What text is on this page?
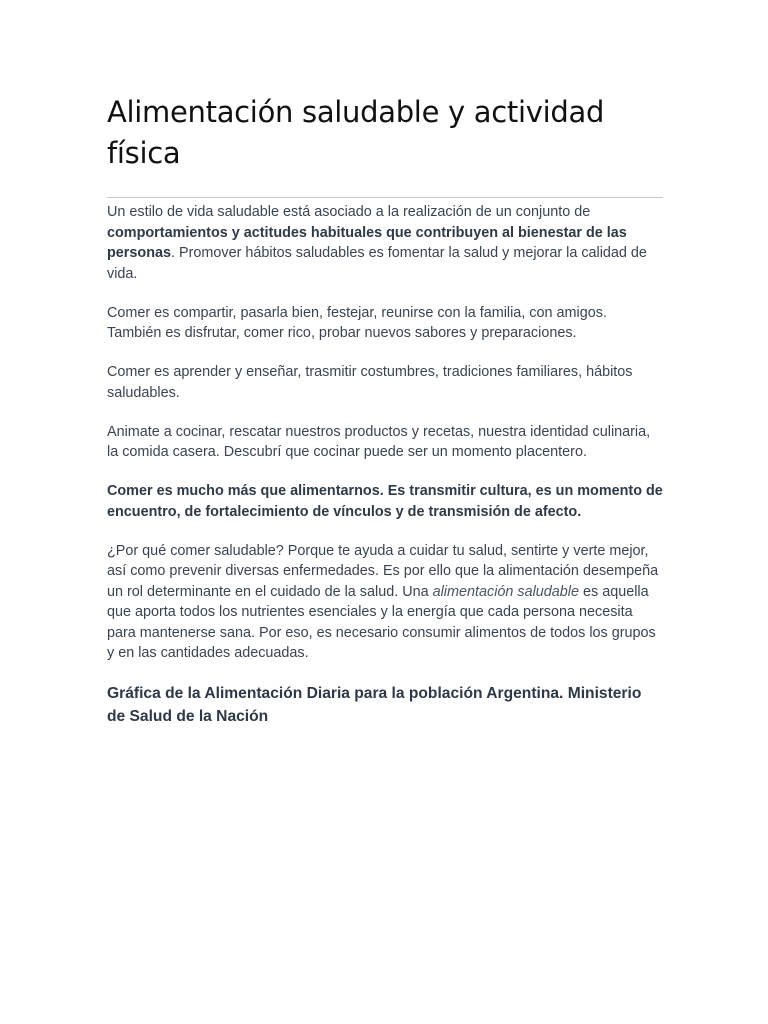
Alimentación saludable y actividad física

Un estilo de vida saludable está asociado a la realización de un conjunto de comportamientos y actitudes habituales que contribuyen al bienestar de las personas. Promover hábitos saludables es fomentar la salud y mejorar la calidad de vida.

Comer es compartir, pasarla bien, festejar, reunirse con la familia, con amigos. También es disfrutar, comer rico, probar nuevos sabores y preparaciones.

Comer es aprender y enseñar, trasmitir costumbres, tradiciones familiares, hábitos saludables.

Animate a cocinar, rescatar nuestros productos y recetas, nuestra identidad culinaria, la comida casera. Descubrí que cocinar puede ser un momento placentero.

Comer es mucho más que alimentarnos. Es transmitir cultura, es un momento de encuentro, de fortalecimiento de vínculos y de transmisión de afecto.

¿Por qué comer saludable? Porque te ayuda a cuidar tu salud, sentirte y verte mejor, así como prevenir diversas enfermedades. Es por ello que la alimentación desempeña un rol determinante en el cuidado de la salud. Una alimentación saludable es aquella que aporta todos los nutrientes esenciales y la energía que cada persona necesita para mantenerse sana. Por eso, es necesario consumir alimentos de todos los grupos y en las cantidades adecuadas.

Gráfica de la Alimentación Diaria para la población Argentina. Ministerio de Salud de la Nación
